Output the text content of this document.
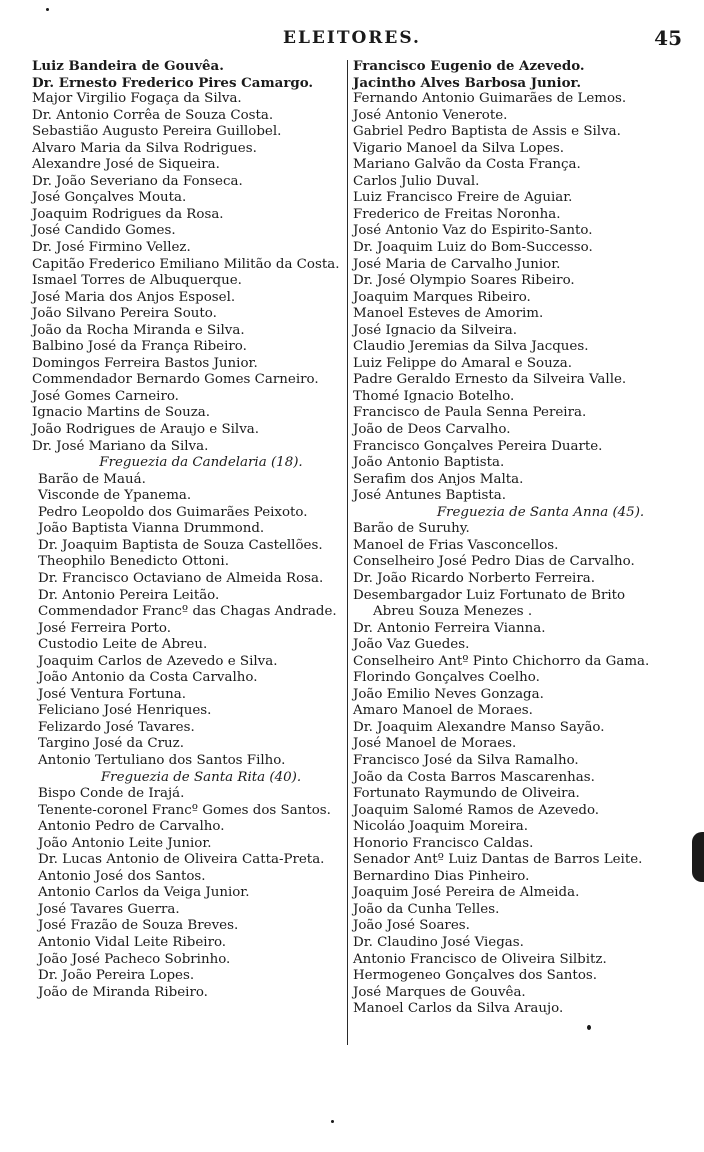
ELEITORES.	45
Luiz Bandeira de Gouvêa.
Dr. Ernesto Frederico Pires Camargo.
Major Virgilio Fogaça da Silva.
Dr. Antonio Corrêa de Souza Costa.
Sebastião Augusto Pereira Guillobel.
Alvaro Maria da Silva Rodrigues.
Alexandre José de Siqueira.
Dr. João Severiano da Fonseca.
José Gonçalves Mouta.
Joaquim Rodrigues da Rosa.
José Candido Gomes.
Dr. José Firmino Vellez.
Capitão Frederico Emiliano Militão da Costa.
Ismael Torres de Albuquerque.
José Maria dos Anjos Esposel.
João Silvano Pereira Souto.
João da Rocha Miranda e Silva.
Balbino José da França Ribeiro.
Domingos Ferreira Bastos Junior.
Commendador Bernardo Gomes Carneiro.
José Gomes Carneiro.
Ignacio Martins de Souza.
João Rodrigues de Araujo e Silva.
Dr. José Mariano da Silva.
Freguezia da Candelaria (18).
Barão de Mauá.
Visconde de Ypanema.
Pedro Leopoldo dos Guimarães Peixoto.
João Baptista Vianna Drummond.
Dr. Joaquim Baptista de Souza Castellões.
Theophilo Benedicto Ottoni.
Dr. Francisco Octaviano de Almeida Rosa.
Dr. Antonio Pereira Leitão.
Commendador Francº das Chagas Andrade.
José Ferreira Porto.
Custodio Leite de Abreu.
Joaquim Carlos de Azevedo e Silva.
João Antonio da Costa Carvalho.
José Ventura Fortuna.
Feliciano José Henriques.
Felizardo José Tavares.
Targino José da Cruz.
Antonio Tertuliano dos Santos Filho.
Freguezia de Santa Rita (40).
Bispo Conde de Irajá.
Tenente-coronel Francº Gomes dos Santos.
Antonio Pedro de Carvalho.
João Antonio Leite Junior.
Dr. Lucas Antonio de Oliveira Catta-Preta.
Antonio José dos Santos.
Antonio Carlos da Veiga Junior.
José Tavares Guerra.
José Frazão de Souza Breves.
Antonio Vidal Leite Ribeiro.
João José Pacheco Sobrinho.
Dr. João Pereira Lopes.
João de Miranda Ribeiro.
Francisco Eugenio de Azevedo.
Jacintho Alves Barbosa Junior.
Fernando Antonio Guimarães de Lemos.
José Antonio Venerote.
Gabriel Pedro Baptista de Assis e Silva.
Vigario Manoel da Silva Lopes.
Mariano Galvão da Costa França.
Carlos Julio Duval.
Luiz Francisco Freire de Aguiar.
Frederico de Freitas Noronha.
José Antonio Vaz do Espirito-Santo.
Dr. Joaquim Luiz do Bom-Successo.
José Maria de Carvalho Junior.
Dr. José Olympio Soares Ribeiro.
Joaquim Marques Ribeiro.
Manoel Esteves de Amorim.
José Ignacio da Silveira.
Claudio Jeremias da Silva Jacques.
Luiz Felippe do Amaral e Souza.
Padre Geraldo Ernesto da Silveira Valle.
Thomé Ignacio Botelho.
Francisco de Paula Senna Pereira.
João de Deos Carvalho.
Francisco Gonçalves Pereira Duarte.
João Antonio Baptista.
Serafim dos Anjos Malta.
José Antunes Baptista.
Freguezia de Santa Anna (45).
Barão de Suruhy.
Manoel de Frias Vasconcellos.
Conselheiro José Pedro Dias de Carvalho.
Dr. João Ricardo Norberto Ferreira.
Desembargador Luiz Fortunato de Brito
Abreu Souza Menezes .
Dr. Antonio Ferreira Vianna.
João Vaz Guedes.
Conselheiro Antº Pinto Chichorro da Gama.
Florindo Gonçalves Coelho.
João Emilio Neves Gonzaga.
Amaro Manoel de Moraes.
Dr. Joaquim Alexandre Manso Sayão.
José Manoel de Moraes.
Francisco José da Silva Ramalho.
João da Costa Barros Mascarenhas.
Fortunato Raymundo de Oliveira.
Joaquim Salomé Ramos de Azevedo.
Nicoláo Joaquim Moreira.
Honorio Francisco Caldas.
Senador Antº Luiz Dantas de Barros Leite.
Bernardino Dias Pinheiro.
Joaquim José Pereira de Almeida.
João da Cunha Telles.
João José Soares.
Dr. Claudino José Viegas.
Antonio Francisco de Oliveira Silbitz.
Hermogeneo Gonçalves dos Santos.
José Marques de Gouvêa.
Manoel Carlos da Silva Araujo.
